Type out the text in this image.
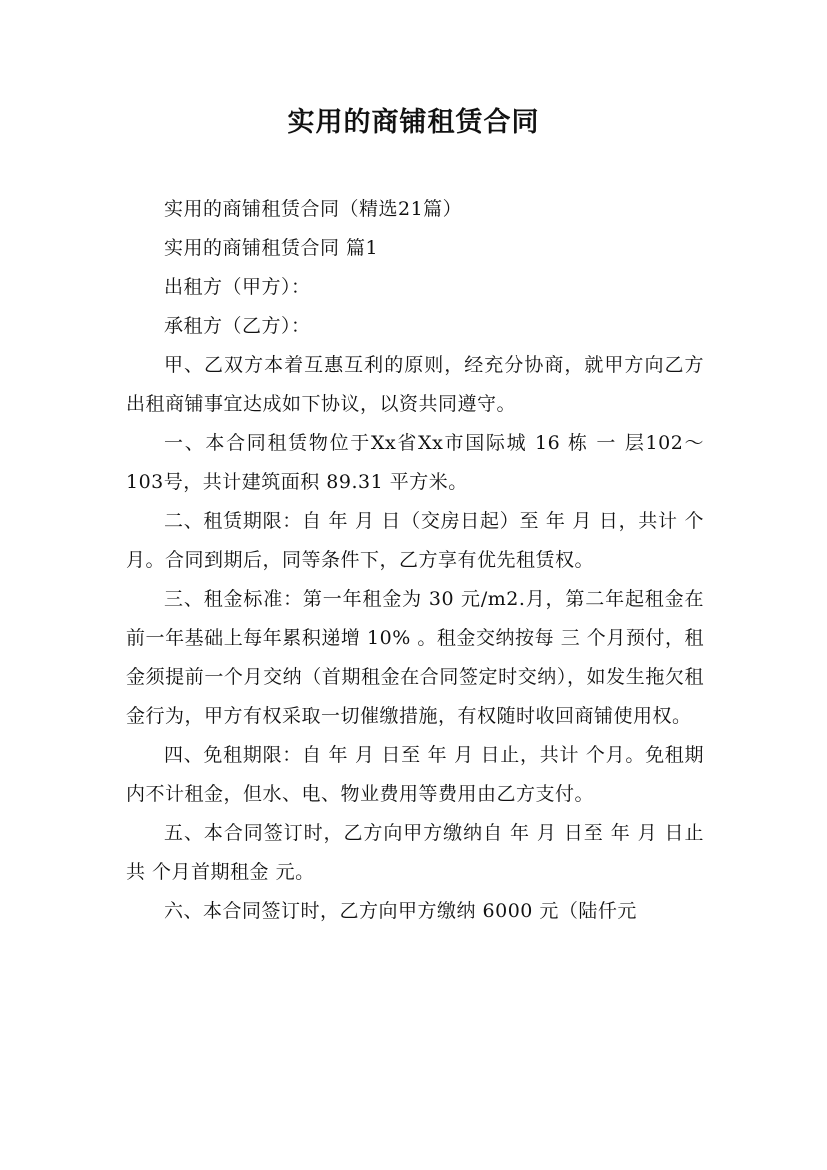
实用的商铺租赁合同

实用的商铺租赁合同（精选21篇）

实用的商铺租赁合同 篇1

出租方（甲方）：

承租方（乙方）：

甲、乙双方本着互惠互利的原则，经充分协商，就甲方向乙方出租商铺事宜达成如下协议，以资共同遵守。

一、本合同租赁物位于Xx省Xx市国际城 16 栋 一 层102～103号，共计建筑面积 89.31 平方米。

二、租赁期限：自 年 月 日（交房日起）至 年 月 日，共计 个月。合同到期后，同等条件下，乙方享有优先租赁权。

三、租金标准：第一年租金为 30 元/m2.月，第二年起租金在前一年基础上每年累积递增 10% 。租金交纳按每 三 个月预付，租金须提前一个月交纳（首期租金在合同签定时交纳），如发生拖欠租金行为，甲方有权采取一切催缴措施，有权随时收回商铺使用权。

四、免租期限：自 年 月 日至 年 月 日止，共计 个月。免租期内不计租金，但水、电、物业费用等费用由乙方支付。

五、本合同签订时，乙方向甲方缴纳自 年 月 日至 年 月 日止共 个月首期租金 元。

六、本合同签订时，乙方向甲方缴纳 6000 元（陆仟元
